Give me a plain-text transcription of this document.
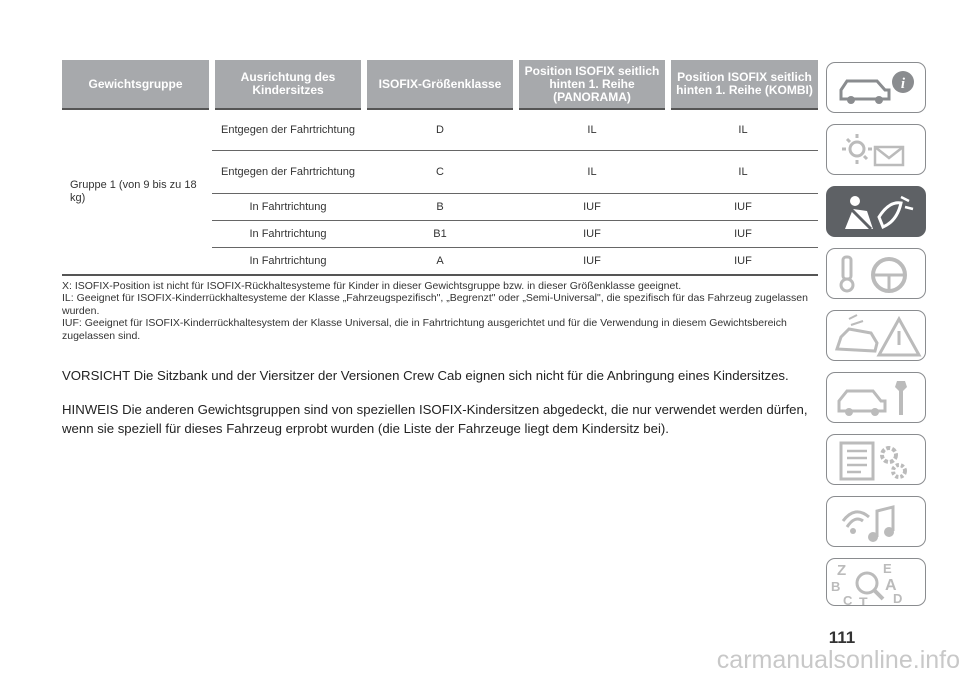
Gewichtsgruppe	Ausrichtung des Kindersitzes	ISOFIX-Größenklasse	Position ISOFIX seitlich hinten 1. Reihe (PANORAMA)	Position ISOFIX seitlich hinten 1. Reihe (KOMBI)
Gruppe 1 (von 9 bis zu 18 kg)	Entgegen der Fahrtrichtung	D	IL	IL
	Entgegen der Fahrtrichtung	C	IL	IL
	In Fahrtrichtung	B	IUF	IUF
	In Fahrtrichtung	B1	IUF	IUF
	In Fahrtrichtung	A	IUF	IUF

X: ISOFIX-Position ist nicht für ISOFIX-Rückhaltesysteme für Kinder in dieser Gewichtsgruppe bzw. in dieser Größenklasse geeignet.

IL: Geeignet für ISOFIX-Kinderrückhaltesysteme der Klasse „Fahrzeugspezifisch", „Begrenzt" oder „Semi-Universal", die spezifisch für das Fahrzeug zugelassen wurden.

IUF: Geeignet für ISOFIX-Kinderrückhaltesystem der Klasse Universal, die in Fahrtrichtung ausgerichtet und für die Verwendung in diesem Gewichtsbereich zugelassen sind.

VORSICHT Die Sitzbank und der Viersitzer der Versionen Crew Cab eignen sich nicht für die Anbringung eines Kindersitzes.

HINWEIS Die anderen Gewichtsgruppen sind von speziellen ISOFIX-Kindersitzen abgedeckt, die nur verwendet werden dürfen, wenn sie speziell für dieses Fahrzeug erprobt wurden (die Liste der Fahrzeuge liegt dem Kindersitz bei).

i
Z	E
B	A
C T D
111
carmanualsonline.info
